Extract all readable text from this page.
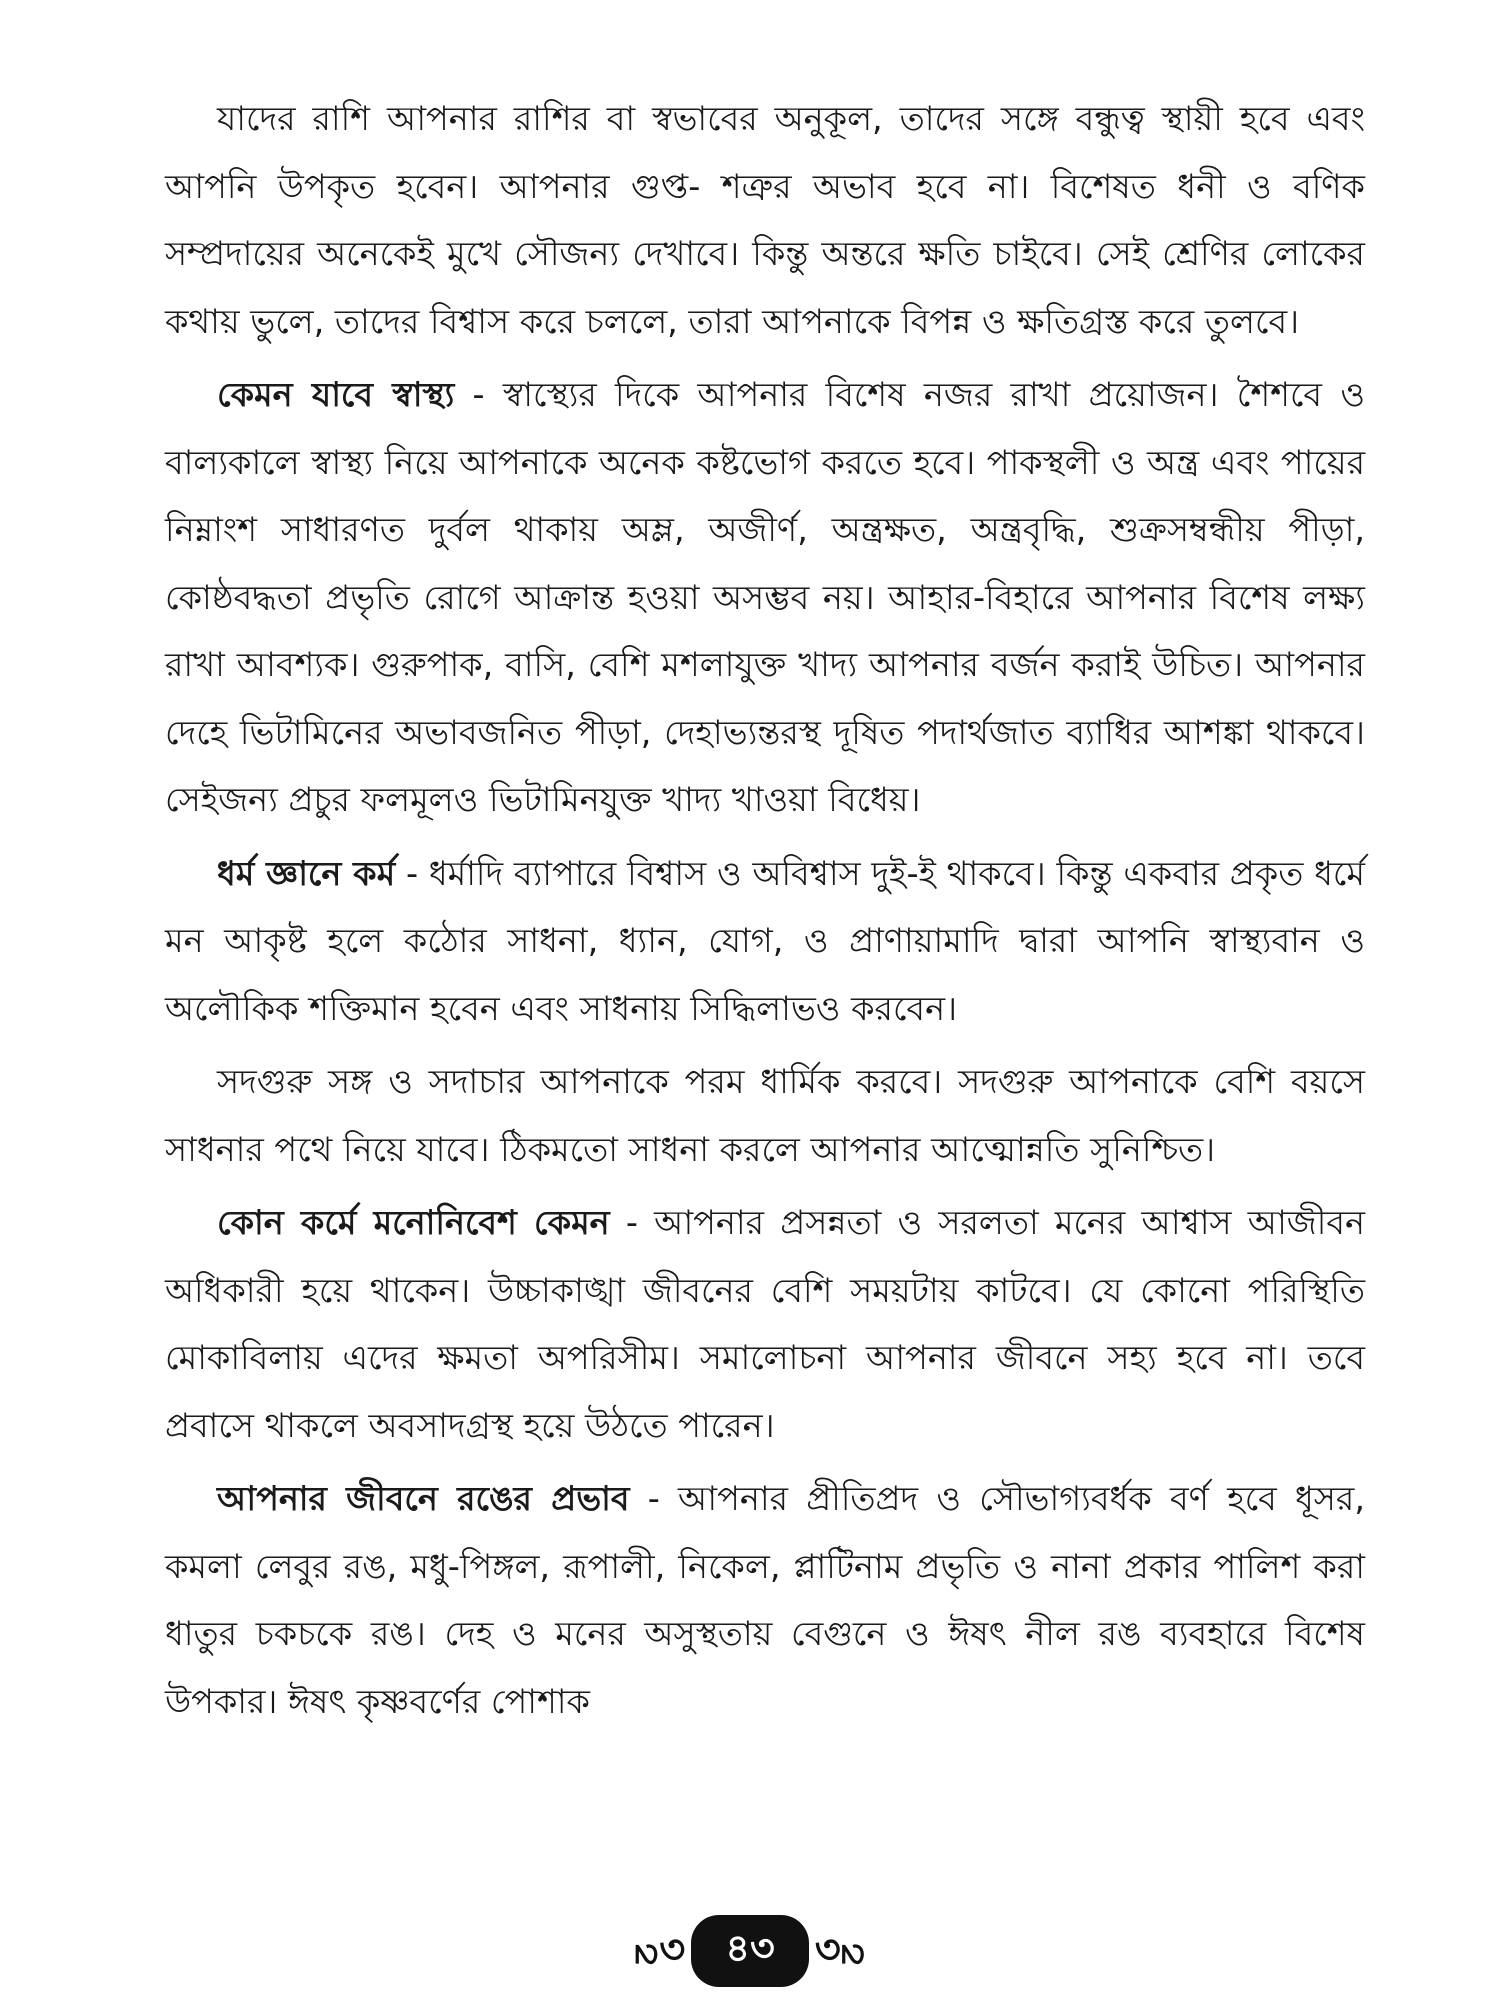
যাদের রাশি আপনার রাশির বা স্বভাবের অনুকূল, তাদের সঙ্গে বন্ধুত্ব স্থায়ী হবে এবং আপনি উপকৃত হবেন। আপনার গুপ্ত- শত্রুর অভাব হবে না। বিশেষত ধনী ও বণিক সম্প্রদায়ের অনেকেই মুখে সৌজন্য দেখাবে। কিন্তু অন্তরে ক্ষতি চাইবে। সেই শ্রেণির লোকের কথায় ভুলে, তাদের বিশ্বাস করে চললে, তারা আপনাকে বিপন্ন ও ক্ষতিগ্রস্ত করে তুলবে।

কেমন যাবে স্বাস্থ্য - স্বাস্থ্যের দিকে আপনার বিশেষ নজর রাখা প্রয়োজন। শৈশবে ও বাল্যকালে স্বাস্থ্য নিয়ে আপনাকে অনেক কষ্টভোগ করতে হবে। পাকস্থলী ও অন্ত্র এবং পায়ের নিম্নাংশ সাধারণত দুর্বল থাকায় অম্ল, অজীর্ণ, অন্ত্রক্ষত, অন্ত্রবৃদ্ধি, শুক্রসম্বন্ধীয় পীড়া, কোষ্ঠবদ্ধতা প্রভৃতি রোগে আক্রান্ত হওয়া অসম্ভব নয়। আহার-বিহারে আপনার বিশেষ লক্ষ্য রাখা আবশ্যক। গুরুপাক, বাসি, বেশি মশলাযুক্ত খাদ্য আপনার বর্জন করাই উচিত। আপনার দেহে ভিটামিনের অভাবজনিত পীড়া, দেহাভ্যন্তরস্থ দূষিত পদার্থজাত ব্যাধির আশঙ্কা থাকবে। সেইজন্য প্রচুর ফলমূলও ভিটামিনযুক্ত খাদ্য খাওয়া বিধেয়।

ধর্ম জ্ঞানে কর্ম - ধর্মাদি ব্যাপারে বিশ্বাস ও অবিশ্বাস দুই-ই থাকবে। কিন্তু একবার প্রকৃত ধর্মে মন আকৃষ্ট হলে কঠোর সাধনা, ধ্যান, যোগ, ও প্রাণায়ামাদি দ্বারা আপনি স্বাস্থ্যবান ও অলৌকিক শক্তিমান হবেন এবং সাধনায় সিদ্ধিলাভও করবেন।

সদগুরু সঙ্গ ও সদাচার আপনাকে পরম ধার্মিক করবে। সদগুরু আপনাকে বেশি বয়সে সাধনার পথে নিয়ে যাবে। ঠিকমতো সাধনা করলে আপনার আত্মোন্নতি সুনিশ্চিত।

কোন কর্মে মনোনিবেশ কেমন - আপনার প্রসন্নতা ও সরলতা মনের আশ্বাস আজীবন অধিকারী হয়ে থাকেন। উচ্চাকাঙ্খা জীবনের বেশি সময়টায় কাটবে। যে কোনো পরিস্থিতি মোকাবিলায় এদের ক্ষমতা অপরিসীম। সমালোচনা আপনার জীবনে সহ্য হবে না। তবে প্রবাসে থাকলে অবসাদগ্রস্থ হয়ে উঠতে পারেন।

আপনার জীবনে রঙের প্রভাব - আপনার প্রীতিপ্রদ ও সৌভাগ্যবর্ধক বর্ণ হবে ধূসর, কমলা লেবুর রঙ, মধু-পিঙ্গল, রূপালী, নিকেল, প্লাটিনাম প্রভৃতি ও নানা প্রকার পালিশ করা ধাতুর চকচকে রঙ। দেহ ও মনের অসুস্থতায় বেগুনে ও ঈষৎ নীল রঙ ব্যবহারে বিশেষ উপকার। ঈষৎ কৃষ্ণবর্ণের পোশাক

ꩳ৩	৪৩	৩ꩳ
